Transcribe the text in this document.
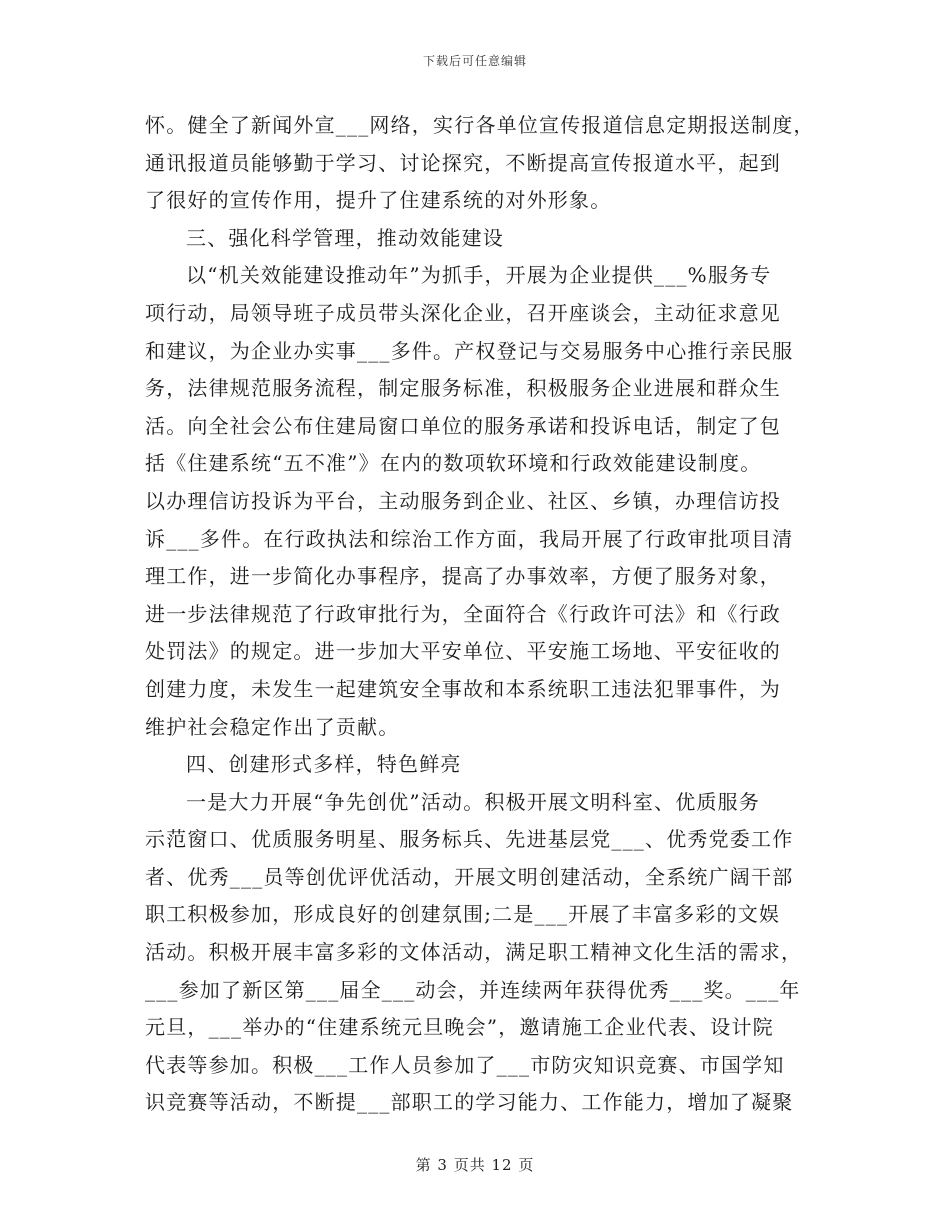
下载后可任意编辑
怀。健全了新闻外宣___网络，实行各单位宣传报道信息定期报送制度，
通讯报道员能够勤于学习、讨论探究，不断提高宣传报道水平，起到
了很好的宣传作用，提升了住建系统的对外形象。
三、强化科学管理，推动效能建设
以“机关效能建设推动年”为抓手，开展为企业提供___%服务专
项行动，局领导班子成员带头深化企业，召开座谈会，主动征求意见
和建议，为企业办实事___多件。产权登记与交易服务中心推行亲民服
务，法律规范服务流程，制定服务标准，积极服务企业进展和群众生
活。向全社会公布住建局窗口单位的服务承诺和投诉电话，制定了包
括《住建系统“五不准”》在内的数项软环境和行政效能建设制度。
以办理信访投诉为平台，主动服务到企业、社区、乡镇，办理信访投
诉___多件。在行政执法和综治工作方面，我局开展了行政审批项目清
理工作，进一步简化办事程序，提高了办事效率，方便了服务对象，
进一步法律规范了行政审批行为，全面符合《行政许可法》和《行政
处罚法》的规定。进一步加大平安单位、平安施工场地、平安征收的
创建力度，未发生一起建筑安全事故和本系统职工违法犯罪事件，为
维护社会稳定作出了贡献。
四、创建形式多样，特色鲜亮
一是大力开展“争先创优”活动。积极开展文明科室、优质服务
示范窗口、优质服务明星、服务标兵、先进基层党___、优秀党委工作
者、优秀___员等创优评优活动，开展文明创建活动，全系统广阔干部
职工积极参加，形成良好的创建氛围;二是___开展了丰富多彩的文娱
活动。积极开展丰富多彩的文体活动，满足职工精神文化生活的需求，
___参加了新区第___届全___动会，并连续两年获得优秀___奖。___年
元旦，___举办的“住建系统元旦晚会”，邀请施工企业代表、设计院
代表等参加。积极___工作人员参加了___市防灾知识竞赛、市国学知
识竞赛等活动，不断提___部职工的学习能力、工作能力，增加了凝聚
第 3 页共 12 页
